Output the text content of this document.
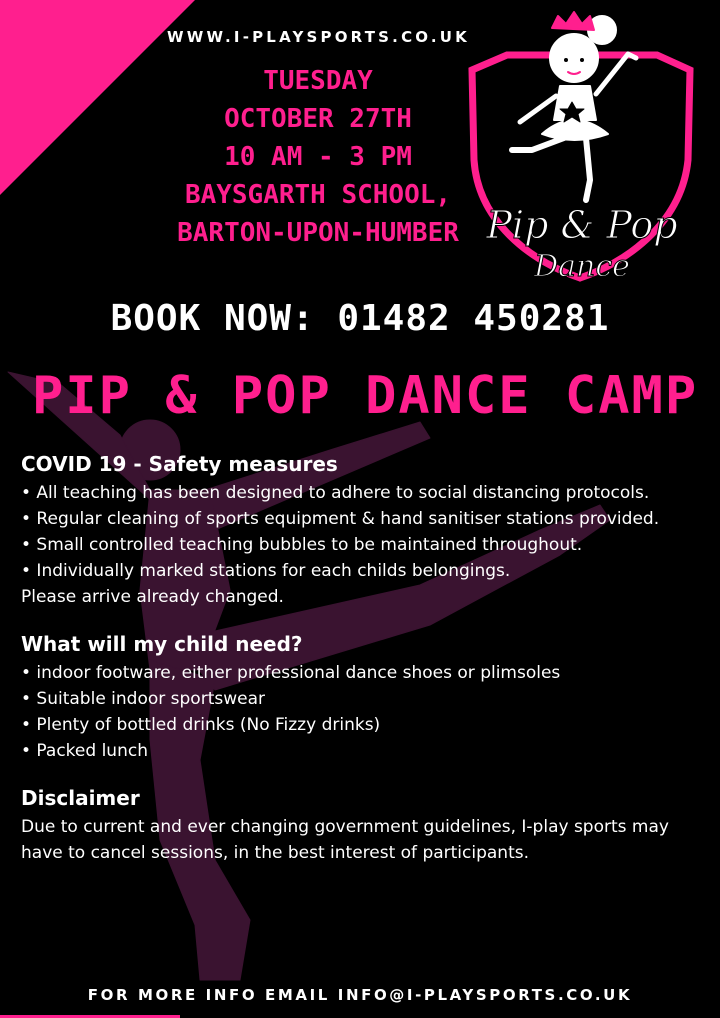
WWW.I-PLAYSPORTS.CO.UK
TUESDAY
OCTOBER 27TH
10 AM - 3 PM
BAYSGARTH SCHOOL,
BARTON-UPON-HUMBER Pip & Pop
Dance
BOOK NOW: 01482 450281
PIP & POP DANCE CAMP
COVID 19 - Safety measures
• All teaching has been designed to adhere to social distancing protocols.
• Regular cleaning of sports equipment & hand sanitiser stations provided.
• Small controlled teaching bubbles to be maintained throughout.
• Individually marked stations for each childs belongings.

Please arrive already changed.

What will my child need?
• indoor footware, either professional dance shoes or plimsoles
• Suitable indoor sportswear
• Plenty of bottled drinks (No Fizzy drinks)
• Packed lunch
Disclaimer

Due to current and ever changing government guidelines, I-play sports may have to cancel sessions, in the best interest of participants.

FOR MORE INFO EMAIL INFO@I-PLAYSPORTS.CO.UK
